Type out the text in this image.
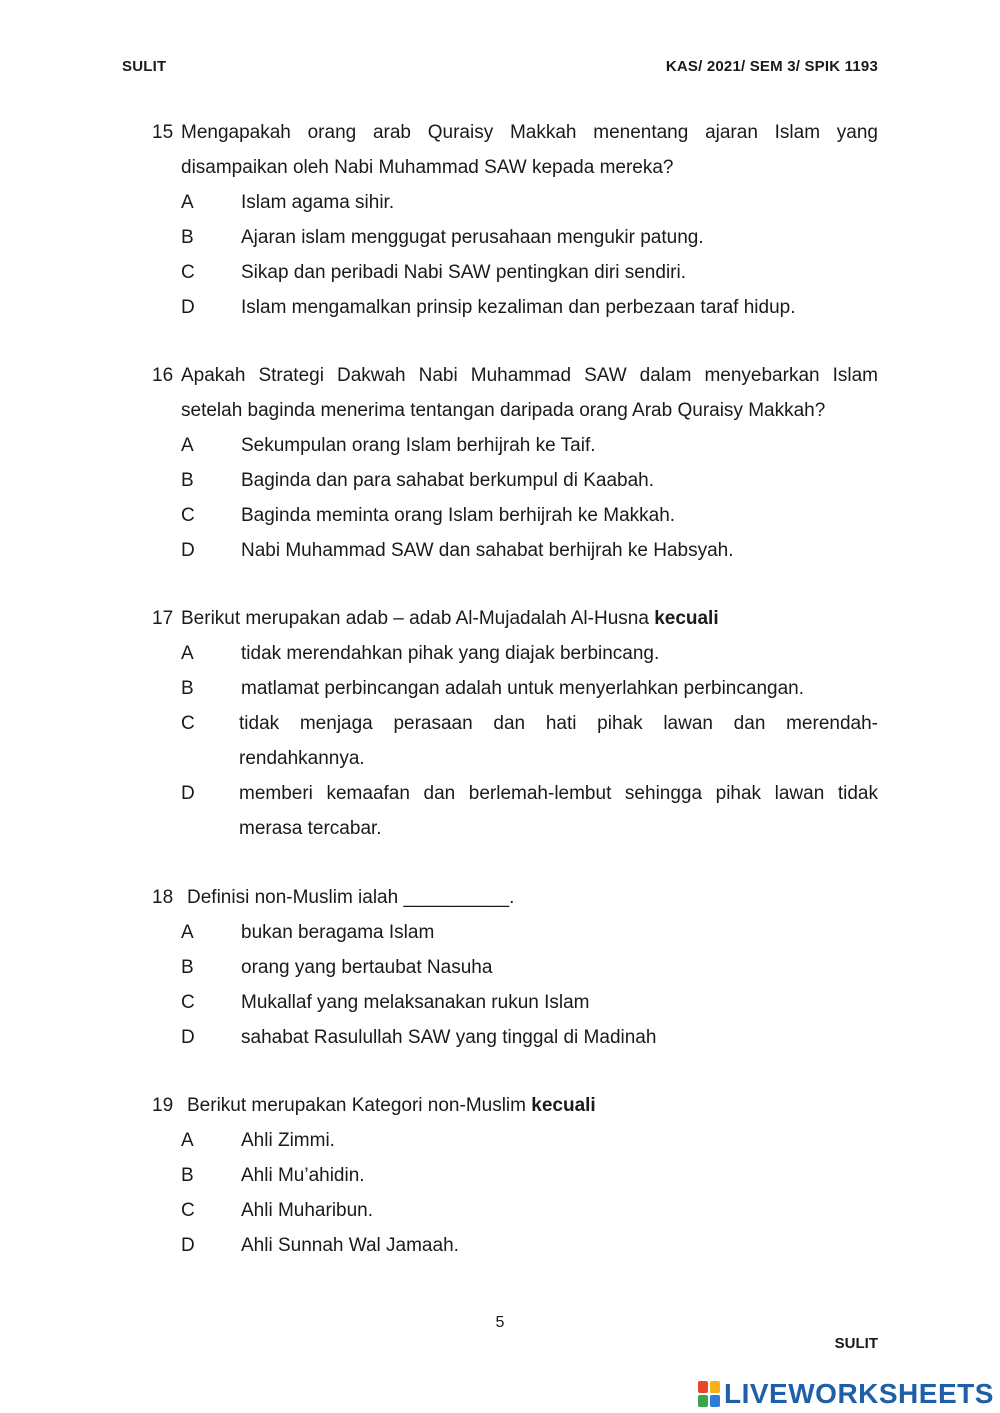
SULIT	KAS/ 2021/ SEM 3/ SPIK 1193
15 Mengapakah orang arab Quraisy Makkah menentang ajaran Islam yang disampaikan oleh Nabi Muhammad SAW kepada mereka?
A	Islam agama sihir.
B	Ajaran islam menggugat perusahaan mengukir patung.
C	Sikap dan peribadi Nabi SAW pentingkan diri sendiri.
D	Islam mengamalkan prinsip kezaliman dan perbezaan taraf hidup.
16 Apakah Strategi Dakwah Nabi Muhammad SAW dalam menyebarkan Islam setelah baginda menerima tentangan daripada orang Arab Quraisy Makkah?
A	Sekumpulan orang Islam berhijrah ke Taif.
B	Baginda dan para sahabat berkumpul di Kaabah.
C	Baginda meminta orang Islam berhijrah ke Makkah.
D	Nabi Muhammad SAW dan sahabat berhijrah ke Habsyah.
17 Berikut merupakan adab – adab Al-Mujadalah Al-Husna kecuali
A	tidak merendahkan pihak yang diajak berbincang.
B	matlamat perbincangan adalah untuk menyerlahkan perbincangan.
C	tidak menjaga perasaan dan hati pihak lawan dan merendah-rendahkannya.
D	memberi kemaafan dan berlemah-lembut sehingga pihak lawan tidak merasa tercabar.
18 Definisi non-Muslim ialah __________.
A	bukan beragama Islam
B	orang yang bertaubat Nasuha
C	Mukallaf yang melaksanakan rukun Islam
D	sahabat Rasulullah SAW yang tinggal di Madinah
19 Berikut merupakan Kategori non-Muslim kecuali
A	Ahli Zimmi.
B	Ahli Mu’ahidin.
C	Ahli Muharibun.
D	Ahli Sunnah Wal Jamaah.
5
SULIT
LIVEWORKSHEETS
